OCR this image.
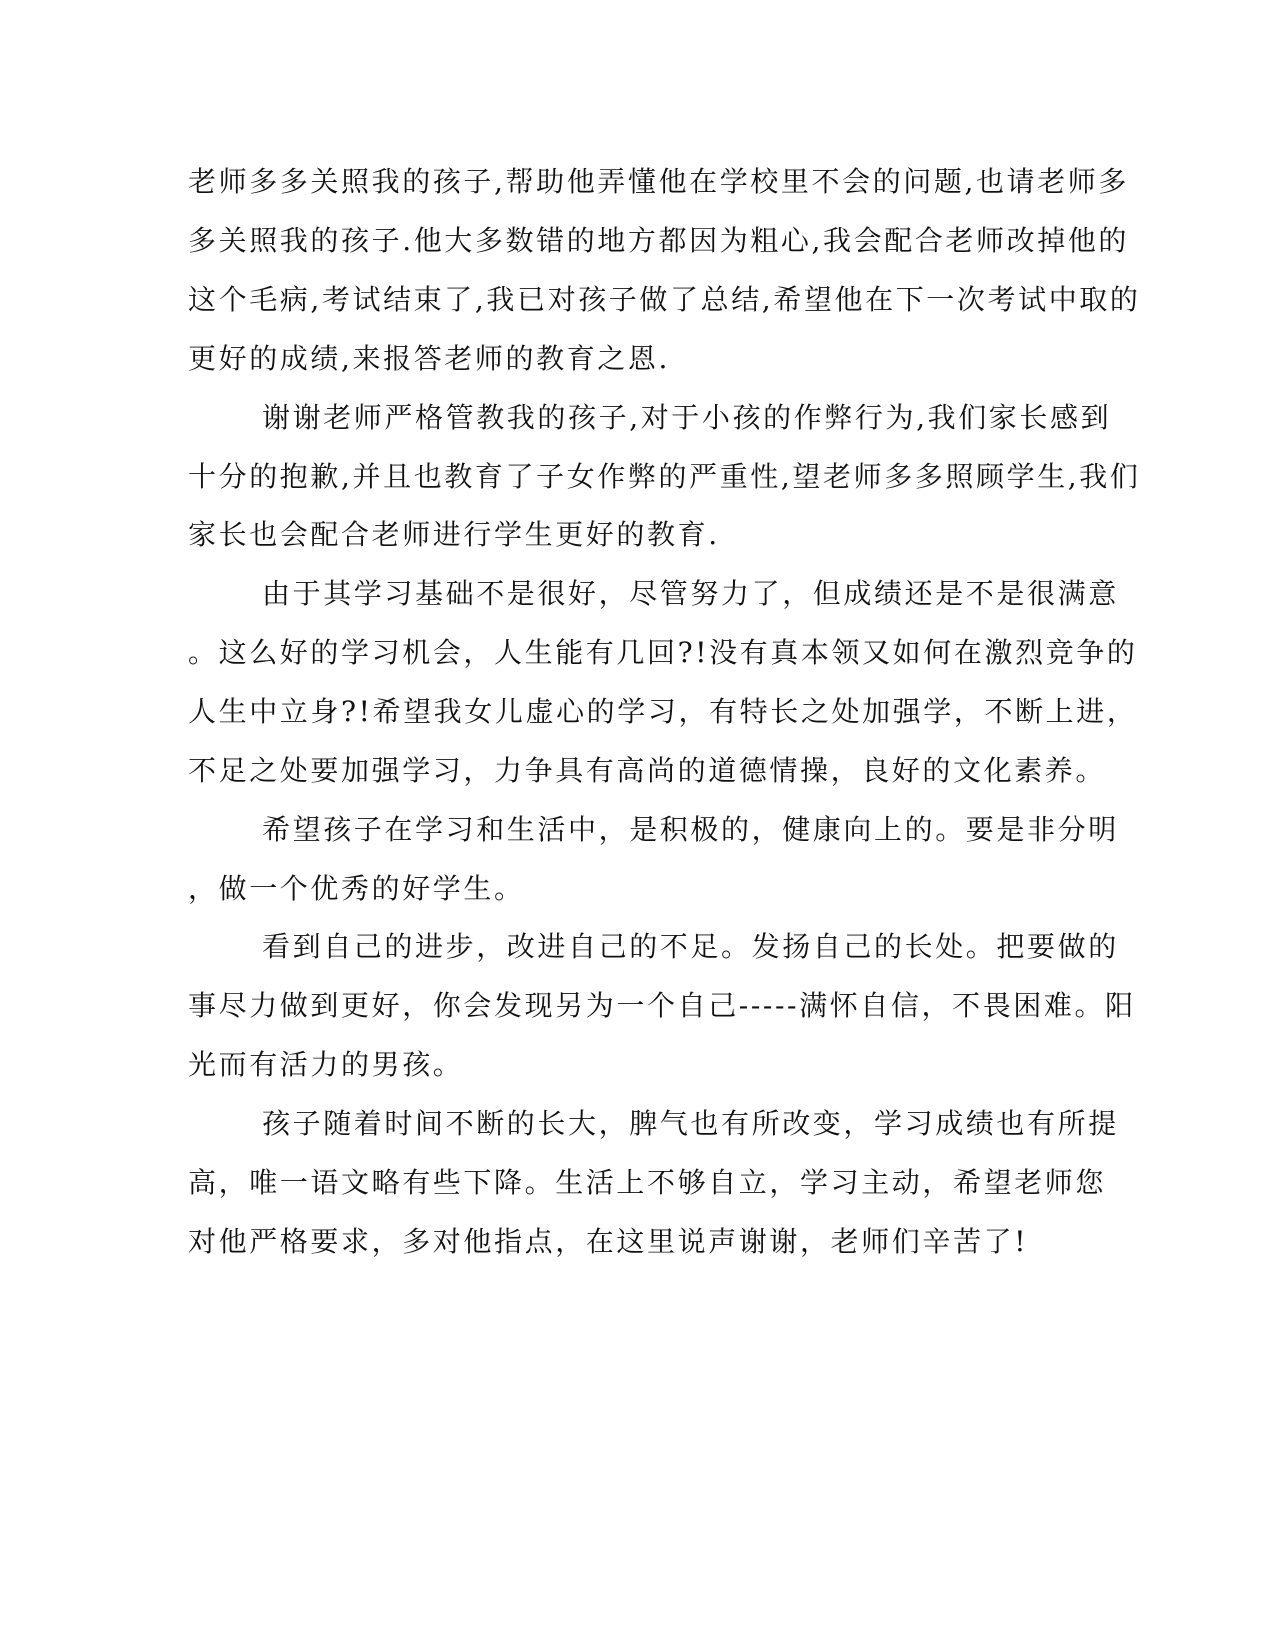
老师多多关照我的孩子,帮助他弄懂他在学校里不会的问题,也请老师多
多关照我的孩子.他大多数错的地方都因为粗心,我会配合老师改掉他的
这个毛病,考试结束了,我已对孩子做了总结,希望他在下一次考试中取的
更好的成绩,来报答老师的教育之恩.
谢谢老师严格管教我的孩子,对于小孩的作弊行为,我们家长感到
十分的抱歉,并且也教育了子女作弊的严重性,望老师多多照顾学生,我们
家长也会配合老师进行学生更好的教育.
由于其学习基础不是很好，尽管努力了，但成绩还是不是很满意
。这么好的学习机会，人生能有几回?!没有真本领又如何在激烈竞争的
人生中立身?!希望我女儿虚心的学习，有特长之处加强学，不断上进，
不足之处要加强学习，力争具有高尚的道德情操，良好的文化素养。
希望孩子在学习和生活中，是积极的，健康向上的。要是非分明
，做一个优秀的好学生。
看到自己的进步，改进自己的不足。发扬自己的长处。把要做的
事尽力做到更好，你会发现另为一个自己-----满怀自信，不畏困难。阳
光而有活力的男孩。
孩子随着时间不断的长大，脾气也有所改变，学习成绩也有所提
高，唯一语文略有些下降。生活上不够自立，学习主动，希望老师您
对他严格要求，多对他指点，在这里说声谢谢，老师们辛苦了!
